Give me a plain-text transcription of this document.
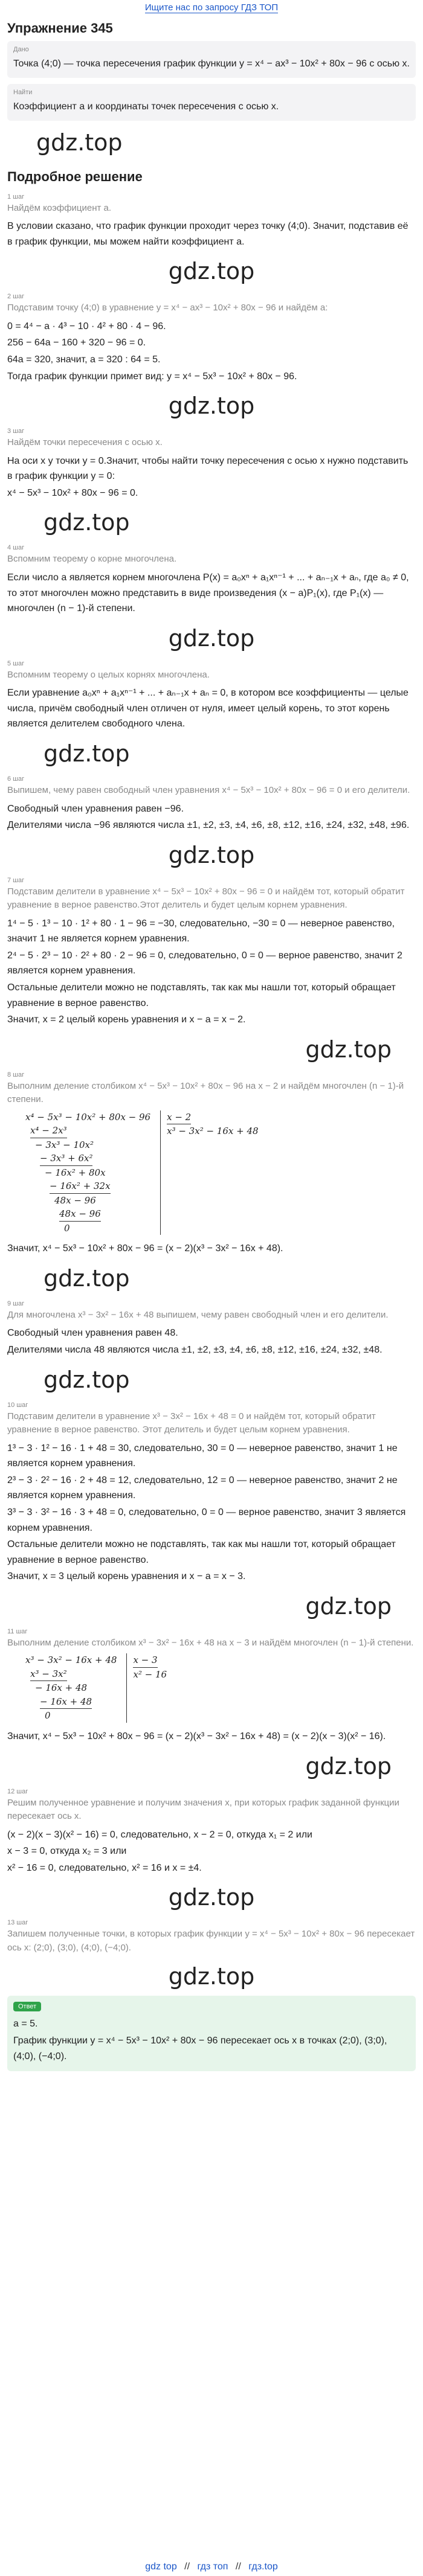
Ищите нас по запросу ГДЗ ТОП
Упражнение 345
Дано

Точка (4;0) — точка пересечения график функции y = x⁴ − ax³ − 10x² + 80x − 96 с осью x.

Найти

Коэффициент a и координаты точек пересечения с осью x.

gdz.top
Подробное решение
1 шаг

Найдём коэффициент a.

В условии сказано, что график функции проходит через точку (4;0). Значит, подставив её в график функции, мы можем найти коэффициент a.

gdz.top
2 шаг

Подставим точку (4;0) в уравнение y = x⁴ − ax³ − 10x² + 80x − 96 и найдём a:

0 = 4⁴ − a · 4³ − 10 · 4² + 80 · 4 − 96.

256 − 64a − 160 + 320 − 96 = 0.

64a = 320, значит, a = 320 : 64 = 5.

Тогда график функции примет вид: y = x⁴ − 5x³ − 10x² + 80x − 96.

gdz.top
3 шаг

Найдём точки пересечения с осью x.

На оси x у точки y = 0.Значит, чтобы найти точку пересечения с осью x нужно подставить в график функции y = 0:

x⁴ − 5x³ − 10x² + 80x − 96 = 0.

gdz.top
4 шаг

Вспомним теорему о корне многочлена.

Если число a является корнем многочлена P(x) = a₀xⁿ + a₁xⁿ⁻¹ + ... + aₙ₋₁x + aₙ, где a₀ ≠ 0, то этот многочлен можно представить в виде произведения (x − a)P₁(x), где P₁(x) — многочлен (n − 1)-й степени.

gdz.top
5 шаг

Вспомним теорему о целых корнях многочлена.

Если уравнение a₀xⁿ + a₁xⁿ⁻¹ + ... + aₙ₋₁x + aₙ = 0, в котором все коэффициенты — целые числа, причём свободный член отличен от нуля, имеет целый корень, то этот корень является делителем свободного члена.

gdz.top
6 шаг

Выпишем, чему равен свободный член уравнения x⁴ − 5x³ − 10x² + 80x − 96 = 0 и его делители.

Свободный член уравнения равен −96.

Делителями числа −96 являются числа ±1, ±2, ±3, ±4, ±6, ±8, ±12, ±16, ±24, ±32, ±48, ±96.

gdz.top
7 шаг

Подставим делители в уравнение x⁴ − 5x³ − 10x² + 80x − 96 = 0 и найдём тот, который обратит уравнение в верное равенство.Этот делитель и будет целым корнем уравнения.

1⁴ − 5 · 1³ − 10 · 1² + 80 · 1 − 96 = −30, следовательно, −30 = 0 — неверное равенство, значит 1 не является корнем уравнения.

2⁴ − 5 · 2³ − 10 · 2² + 80 · 2 − 96 = 0, следовательно, 0 = 0 — верное равенство, значит 2 является корнем уравнения.

Остальные делители можно не подставлять, так как мы нашли тот, который обращает уравнение в верное равенство.

Значит, x = 2 целый корень уравнения и x − a = x − 2.

gdz.top
8 шаг

Выполним деление столбиком x⁴ − 5x³ − 10x² + 80x − 96 на x − 2 и найдём многочлен (n − 1)-й степени.

x⁴ − 5x³ − 10x² + 80x − 96
x⁴ − 2x³
− 3x³ − 10x²
− 3x³ + 6x²
− 16x² + 80x
− 16x² + 32x
48x − 96
48x − 96
0
x − 2
x³ − 3x² − 16x + 48

Значит, x⁴ − 5x³ − 10x² + 80x − 96 = (x − 2)(x³ − 3x² − 16x + 48).

gdz.top
9 шаг

Для многочлена x³ − 3x² − 16x + 48 выпишем, чему равен свободный член и его делители.

Свободный член уравнения равен 48.

Делителями числа 48 являются числа ±1, ±2, ±3, ±4, ±6, ±8, ±12, ±16, ±24, ±32, ±48.

gdz.top
10 шаг

Подставим делители в уравнение x³ − 3x² − 16x + 48 = 0 и найдём тот, который обратит уравнение в верное равенство. Этот делитель и будет целым корнем уравнения.

1³ − 3 · 1² − 16 · 1 + 48 = 30, следовательно, 30 = 0 — неверное равенство, значит 1 не является корнем уравнения.

2³ − 3 · 2² − 16 · 2 + 48 = 12, следовательно, 12 = 0 — неверное равенство, значит 2 не является корнем уравнения.

3³ − 3 · 3² − 16 · 3 + 48 = 0, следовательно, 0 = 0 — верное равенство, значит 3 является корнем уравнения.

Остальные делители можно не подставлять, так как мы нашли тот, который обращает уравнение в верное равенство.

Значит, x = 3 целый корень уравнения и x − a = x − 3.

gdz.top
11 шаг

Выполним деление столбиком x³ − 3x² − 16x + 48 на x − 3 и найдём многочлен (n − 1)-й степени.

x³ − 3x² − 16x + 48
x³ − 3x²
− 16x + 48
− 16x + 48
0
x − 3
x² − 16

Значит, x⁴ − 5x³ − 10x² + 80x − 96 = (x − 2)(x³ − 3x² − 16x + 48) = (x − 2)(x − 3)(x² − 16).

gdz.top
12 шаг

Решим полученное уравнение и получим значения x, при которых график заданной функции пересекает ось x.

(x − 2)(x − 3)(x² − 16) = 0, следовательно, x − 2 = 0, откуда x₁ = 2 или

x − 3 = 0, откуда x₂ = 3 или

x² − 16 = 0, следовательно, x² = 16 и x = ±4.

gdz.top
13 шаг

Запишем полученные точки, в которых график функции y = x⁴ − 5x³ − 10x² + 80x − 96 пересекает ось x: (2;0), (3;0), (4;0), (−4;0).

gdz.top
Ответ

a = 5.

График функции y = x⁴ − 5x³ − 10x² + 80x − 96 пересекает ось x в точках (2;0), (3;0), (4;0), (−4;0).

gdz top // гдз топ // гдз.top
